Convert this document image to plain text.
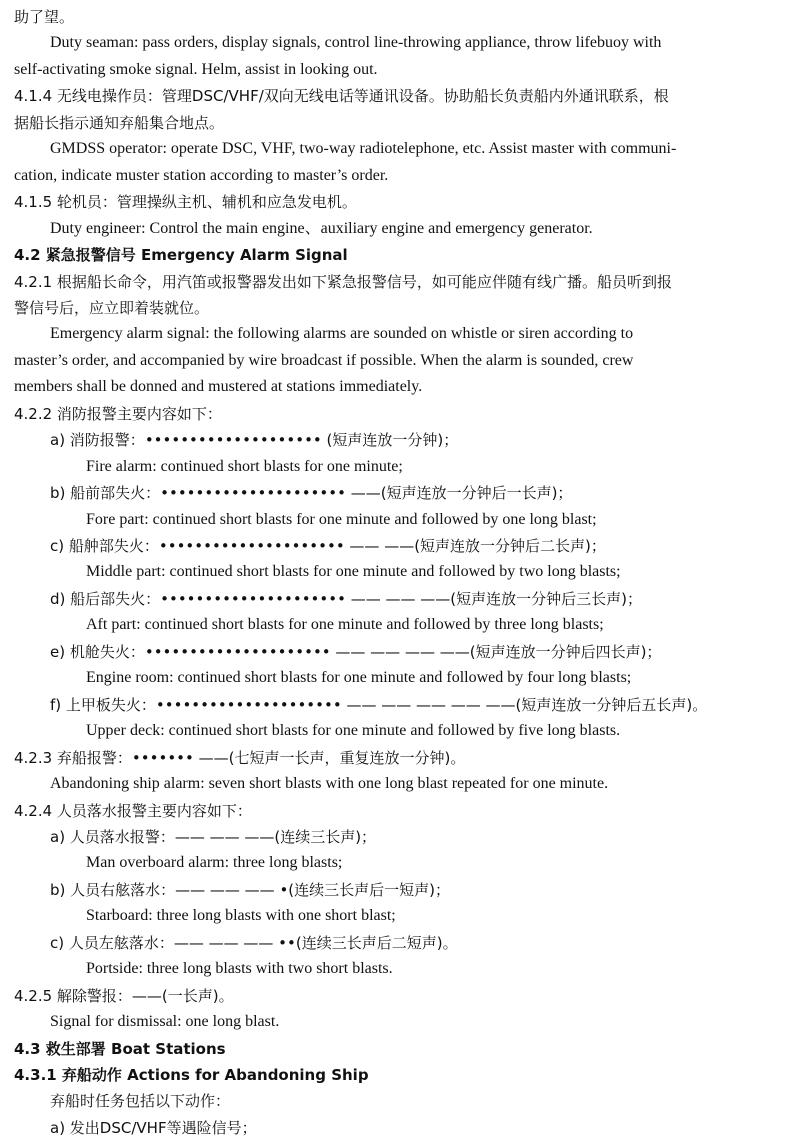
助了望。
Duty seaman: pass orders, display signals, control line-throwing appliance, throw lifebuoy with
self-activating smoke signal. Helm, assist in looking out.
4.1.4 无线电操作员：管理DSC/VHF/双向无线电话等通讯设备。协助船长负责船内外通讯联系，根
据船长指示通知弃船集合地点。
GMDSS operator: operate DSC, VHF, two-way radiotelephone, etc. Assist master with communi-
cation, indicate muster station according to master’s order.
4.1.5 轮机员：管理操纵主机、辅机和应急发电机。
Duty engineer: Control the main engine、auxiliary engine and emergency generator.
4.2 紧急报警信号 Emergency Alarm Signal
4.2.1 根据船长命令，用汽笛或报警器发出如下紧急报警信号，如可能应伴随有线广播。船员听到报
警信号后，应立即着装就位。
Emergency alarm signal: the following alarms are sounded on whistle or siren according to
master’s order, and accompanied by wire broadcast if possible. When the alarm is sounded, crew
members shall be donned and mustered at stations immediately.
4.2.2 消防报警主要内容如下：
a) 消防报警：•••••••••••••••••••• (短声连放一分钟)；
Fire alarm: continued short blasts for one minute;
b) 船前部失火：••••••••••••••••••••• ——(短声连放一分钟后一长声)；
Fore part: continued short blasts for one minute and followed by one long blast;
c) 船舯部失火：••••••••••••••••••••• —— ——(短声连放一分钟后二长声)；
Middle part: continued short blasts for one minute and followed by two long blasts;
d) 船后部失火：••••••••••••••••••••• —— —— ——(短声连放一分钟后三长声)；
Aft part: continued short blasts for one minute and followed by three long blasts;
e) 机舱失火：••••••••••••••••••••• —— —— —— ——(短声连放一分钟后四长声)；
Engine room: continued short blasts for one minute and followed by four long blasts;
f) 上甲板失火：••••••••••••••••••••• —— —— —— —— ——(短声连放一分钟后五长声)。
Upper deck: continued short blasts for one minute and followed by five long blasts.
4.2.3 弃船报警：••••••• ——(七短声一长声，重复连放一分钟)。
Abandoning ship alarm: seven short blasts with one long blast repeated for one minute.
4.2.4 人员落水报警主要内容如下：
a) 人员落水报警：—— —— ——(连续三长声)；
Man overboard alarm: three long blasts;
b) 人员右舷落水：—— —— —— •(连续三长声后一短声)；
Starboard: three long blasts with one short blast;
c) 人员左舷落水：—— —— —— ••(连续三长声后二短声)。
Portside: three long blasts with two short blasts.
4.2.5 解除警报：——(一长声)。
Signal for dismissal: one long blast.
4.3 救生部署 Boat Stations
4.3.1 弃船动作 Actions for Abandoning Ship
弃船时任务包括以下动作：
a) 发出DSC/VHF等遇险信号；
